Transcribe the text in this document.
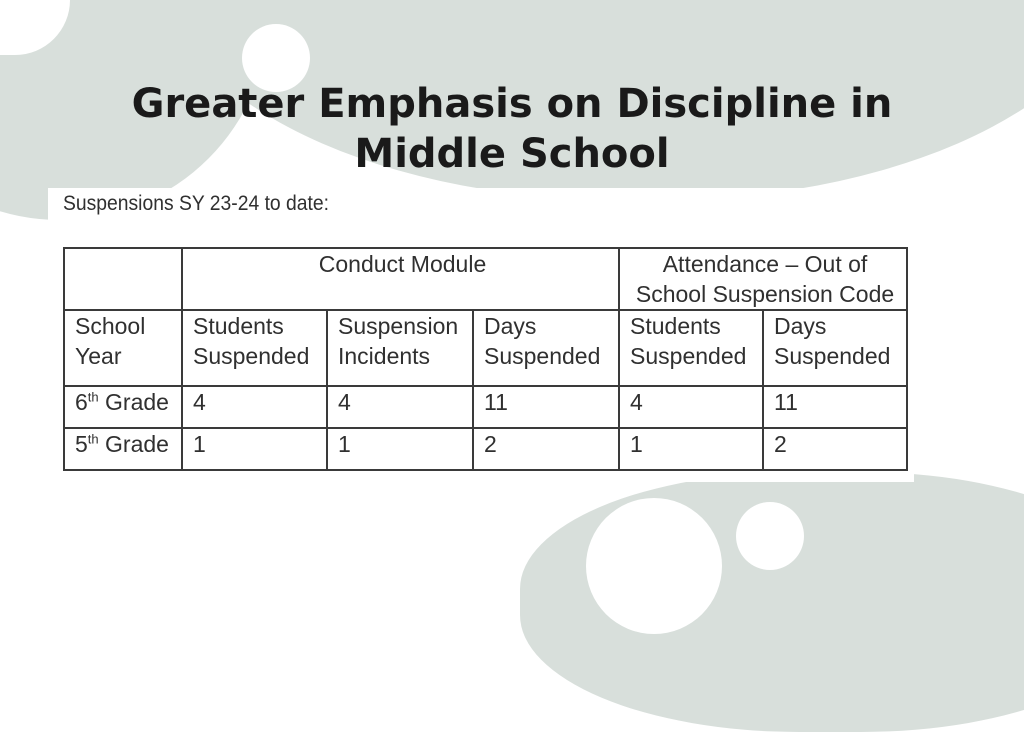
Greater Emphasis on Discipline in Middle School
Suspensions SY 23-24 to date:
	Conduct Module			Attendance – Out of School Suspension Code	
School Year	Students Suspended	Suspension Incidents	Days Suspended	Students Suspended	Days Suspended
6th Grade	4	4	11	4	11
5th Grade	1	1	2	1	2
